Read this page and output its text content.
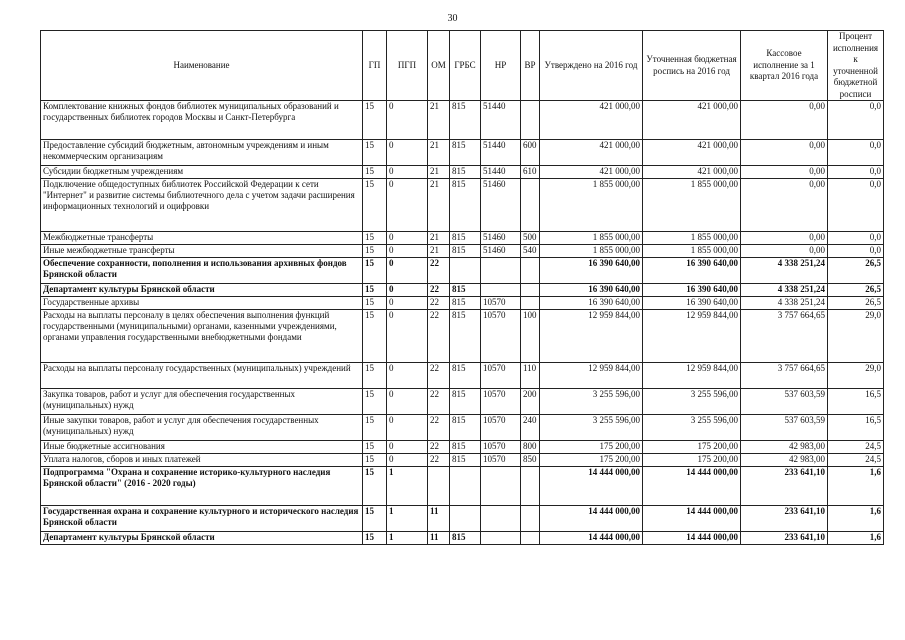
30
Наименование	ГП	ПГП	ОМ	ГРБС	НР	ВР	Утверждено на 2016 год	Уточненная бюджетная роспись на 2016 год	Кассовое исполнение за 1 квартал 2016 года	Процент исполнения к уточненной бюджетной росписи
Комплектование книжных фондов библиотек муниципальных образований и государственных библиотек городов Москвы и Санкт-Петербурга	15	0	21	815	51440		421 000,00	421 000,00	0,00	0,0
Предоставление субсидий бюджетным, автономным учреждениям и иным некоммерческим организациям	15	0	21	815	51440	600	421 000,00	421 000,00	0,00	0,0
Субсидии бюджетным учреждениям	15	0	21	815	51440	610	421 000,00	421 000,00	0,00	0,0
Подключение общедоступных библиотек Российской Федерации к сети "Интернет" и развитие системы библиотечного дела с учетом задачи расширения информационных технологий и оцифровки	15	0	21	815	51460		1 855 000,00	1 855 000,00	0,00	0,0
Межбюджетные трансферты	15	0	21	815	51460	500	1 855 000,00	1 855 000,00	0,00	0,0
Иные межбюджетные трансферты	15	0	21	815	51460	540	1 855 000,00	1 855 000,00	0,00	0,0
Обеспечение сохранности, пополнения и использования архивных фондов Брянской области	15	0	22				16 390 640,00	16 390 640,00	4 338 251,24	26,5
Департамент культуры Брянской области	15	0	22	815			16 390 640,00	16 390 640,00	4 338 251,24	26,5
Государственные архивы	15	0	22	815	10570		16 390 640,00	16 390 640,00	4 338 251,24	26,5
Расходы на выплаты персоналу в целях обеспечения выполнения функций государственными (муниципальными) органами, казенными учреждениями, органами управления государственными внебюджетными фондами	15	0	22	815	10570	100	12 959 844,00	12 959 844,00	3 757 664,65	29,0
Расходы на выплаты персоналу государственных (муниципальных) учреждений	15	0	22	815	10570	110	12 959 844,00	12 959 844,00	3 757 664,65	29,0
Закупка товаров, работ и услуг для обеспечения государственных (муниципальных) нужд	15	0	22	815	10570	200	3 255 596,00	3 255 596,00	537 603,59	16,5
Иные закупки товаров, работ и услуг для обеспечения государственных (муниципальных) нужд	15	0	22	815	10570	240	3 255 596,00	3 255 596,00	537 603,59	16,5
Иные бюджетные ассигнования	15	0	22	815	10570	800	175 200,00	175 200,00	42 983,00	24,5
Уплата налогов, сборов и иных платежей	15	0	22	815	10570	850	175 200,00	175 200,00	42 983,00	24,5
Подпрограмма "Охрана и сохранение историко-культурного наследия Брянской области" (2016 - 2020 годы)	15	1					14 444 000,00	14 444 000,00	233 641,10	1,6
Государственная охрана и сохранение культурного и исторического наследия Брянской области	15	1	11				14 444 000,00	14 444 000,00	233 641,10	1,6
Департамент культуры Брянской области	15	1	11	815			14 444 000,00	14 444 000,00	233 641,10	1,6
